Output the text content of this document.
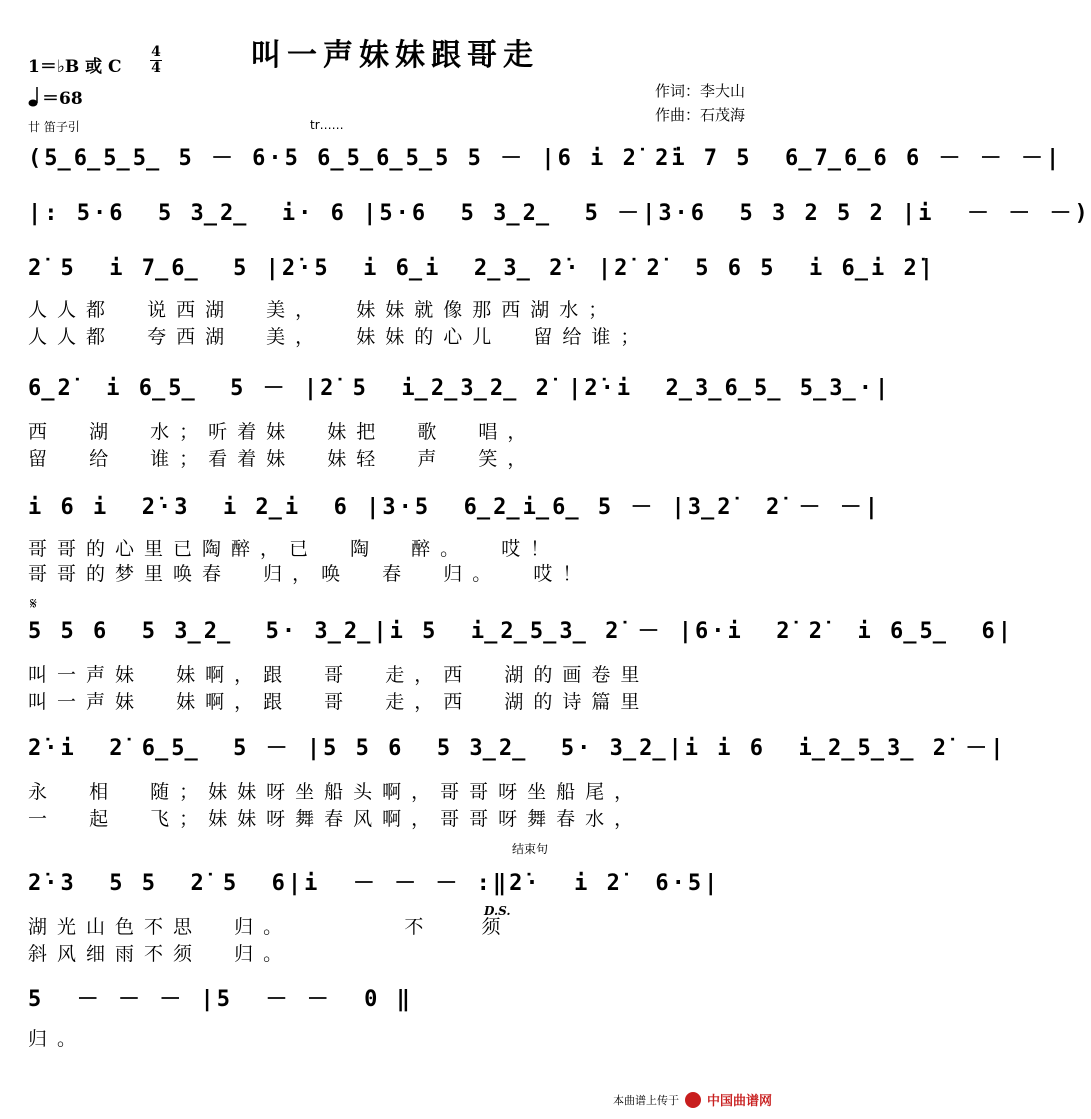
叫一声妹妹跟哥走
1＝♭B 或 C
4
4
＝68	作词：李大山
作曲：石茂海
廿 笛子引	tr……
(5̲6̲5̲5̲ 5 － 6·5 6̲5̲6̲5̲5 5 － |6 i 2̇ 2̇i 7 5  6̲7̲6̲6 6 － － －|
|: 5·6  5 3̲2̲  i· 6 |5·6  5 3̲2̲  5 －|3·6  5 3 2 5 2 |i  － － －)
2̇ 5  i 7̲6̲  5 |2̇·5  i 6̲i  2̲3̲ 2̇· |2̇ 2̇  5 6 5  i 6̲i 2̇|
人人都  说西湖  美，  妹妹就像那西湖水；
人人都  夸西湖  美，  妹妹的心儿  留给谁；
6̲2̇  i 6̲5̲  5 － |2̇ 5  i̲2̲3̲2̲ 2̇ |2̇·i  2̲3̲6̲5̲ 5̲3̲·|
西  湖  水；听着妹  妹把  歌  唱，
留  给  谁；看着妹  妹轻  声  笑，
i 6 i  2̇·3  i 2̲i  6 |3·5  6̲2̲i̲6̲ 5 － |3̲2̇  2̇ － －|
哥哥的心里已陶醉，已  陶  醉。  哎！
哥哥的梦里唤春  归，唤  春  归。  哎！
𝄋
5 5 6  5 3̲2̲  5· 3̲2̲|i 5  i̲2̲5̲3̲ 2̇ － |6·i  2̇ 2̇  i 6̲5̲  6|
叫一声妹  妹啊，跟  哥  走，西  湖的画卷里
叫一声妹  妹啊，跟  哥  走，西  湖的诗篇里
2̇·i  2̇ 6̲5̲  5 － |5 5 6  5 3̲2̲  5· 3̲2̲|i i 6  i̲2̲5̲3̲ 2̇ －|
永  相  随；妹妹呀坐船头啊，哥哥呀坐船尾，
一  起  飞；妹妹呀舞春风啊，哥哥呀舞春水，
结束句
2̇·3  5 5  2̇ 5  6|i  － － － :‖2̇·  i 2̇  6·5|
D.S.
湖光山色不思  归。       不   须
斜风细雨不须  归。
5  － － － |5  － －  0 ‖
归。
本曲谱上传于 中国曲谱网
